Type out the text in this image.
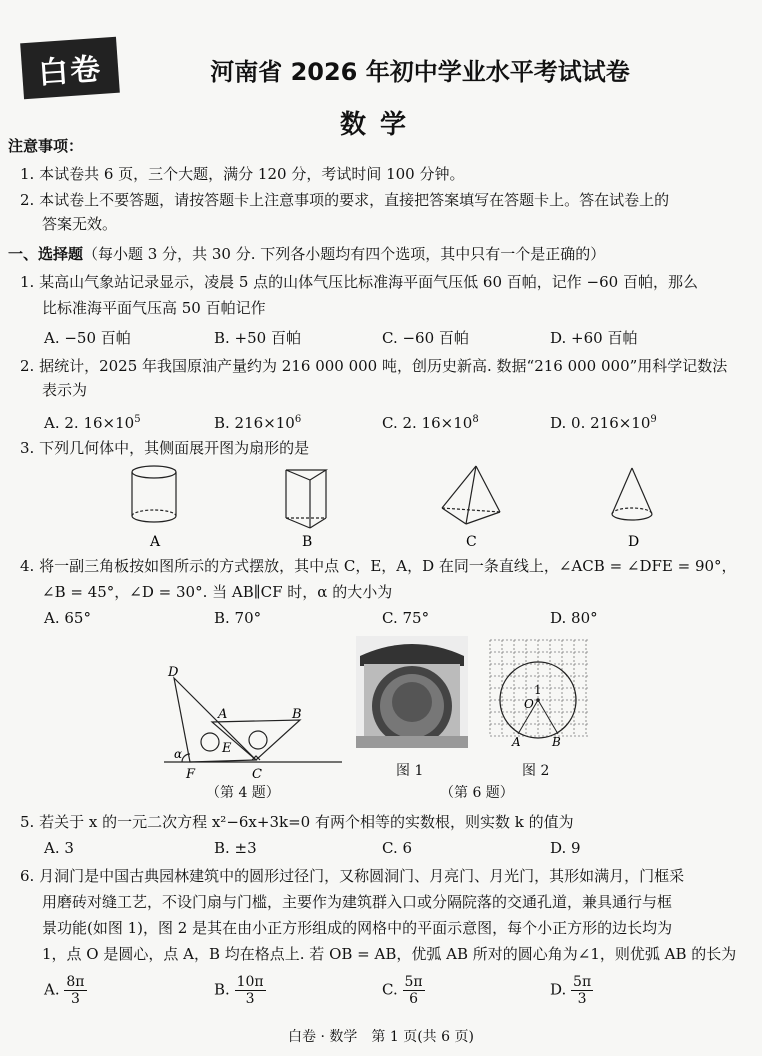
白卷	河南省 2026 年初中学业水平考试试卷
数学
注意事项：
1. 本试卷共 6 页，三个大题，满分 120 分，考试时间 100 分钟。
2. 本试卷上不要答题，请按答题卡上注意事项的要求，直接把答案填写在答题卡上。答在试卷上的
答案无效。
一、选择题（每小题 3 分，共 30 分. 下列各小题均有四个选项，其中只有一个是正确的）
1. 某高山气象站记录显示，凌晨 5 点的山体气压比标准海平面气压低 60 百帕，记作 −60 百帕，那么
比标准海平面气压高 50 百帕记作
A. −50 百帕	B. +50 百帕	C. −60 百帕	D. +60 百帕
2. 据统计，2025 年我国原油产量约为 216 000 000 吨，创历史新高. 数据“216 000 000”用科学记数法
表示为
A. 2. $16\times 10^5$	B. $216\times 10^6$	C. 2. $16\times 10^8$	D. 0. $216\times 10^9$
3. 下列几何体中，其侧面展开图为扇形的是
A	B	C	D
4. 将一副三角板按如图所示的方式摆放，其中点 C，E，A，D 在同一条直线上，∠ACB = ∠DFE = 90°，
∠B = 45°，∠D = 30°. 当 AB∥CF 时，α 的大小为
A. 65°	B. 70°	C. 75°	D. 80°
D
A	B
E
F	C
α
1
O
A	B
图 1	图 2
（第 4 题）	（第 6 题）
5. 若关于 x 的一元二次方程 x²−6x+3k=0 有两个相等的实数根，则实数 k 的值为
A. 3	B. ±3	C. 6	D. 9
6. 月洞门是中国古典园林建筑中的圆形过径门，又称圆洞门、月亮门、月光门，其形如满月，门框采
用磨砖对缝工艺，不设门扇与门槛，主要作为建筑群入口或分隔院落的交通孔道，兼具通行与框
景功能(如图 1)，图 2 是其在由小正方形组成的网格中的平面示意图，每个小正方形的边长均为
1，点 O 是圆心，点 A，B 均在格点上. 若 OB = AB，优弧 AB 所对的圆心角为∠1，则优弧 AB 的长为
A. $\frac{8\pi}{3}$	B. $\frac{10\pi}{3}$	C. $\frac{5\pi}{6}$	D. $\frac{5\pi}{3}$
白卷 · 数学　第 1 页(共 6 页)
